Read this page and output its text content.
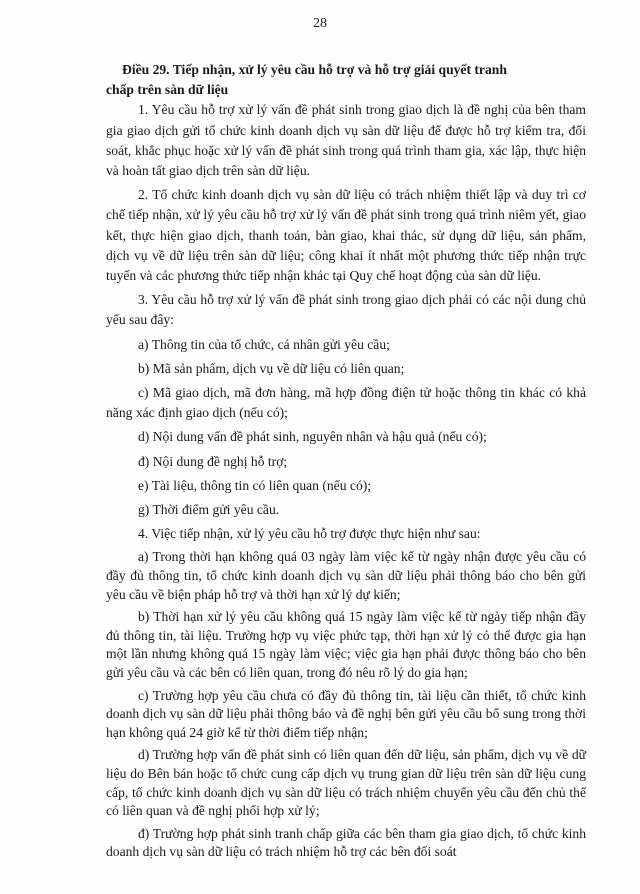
28
Điều 29. Tiếp nhận, xử lý yêu cầu hỗ trợ và hỗ trợ giải quyết tranh
chấp trên sàn dữ liệu

1. Yêu cầu hỗ trợ xử lý vấn đề phát sinh trong giao dịch là đề nghị của bên tham gia giao dịch gửi tổ chức kinh doanh dịch vụ sàn dữ liệu để được hỗ trợ kiểm tra, đối soát, khắc phục hoặc xử lý vấn đề phát sinh trong quá trình tham gia, xác lập, thực hiện và hoàn tất giao dịch trên sàn dữ liệu.

2. Tổ chức kinh doanh dịch vụ sàn dữ liệu có trách nhiệm thiết lập và duy trì cơ chế tiếp nhận, xử lý yêu cầu hỗ trợ xử lý vấn đề phát sinh trong quá trình niêm yết, giao kết, thực hiện giao dịch, thanh toán, bàn giao, khai thác, sử dụng dữ liệu, sản phẩm, dịch vụ về dữ liệu trên sàn dữ liệu; công khai ít nhất một phương thức tiếp nhận trực tuyến và các phương thức tiếp nhận khác tại Quy chế hoạt động của sàn dữ liệu.

3. Yêu cầu hỗ trợ xử lý vấn đề phát sinh trong giao dịch phải có các nội dung chủ yếu sau đây:

a) Thông tin của tổ chức, cá nhân gửi yêu cầu;

b) Mã sản phẩm, dịch vụ về dữ liệu có liên quan;

c) Mã giao dịch, mã đơn hàng, mã hợp đồng điện tử hoặc thông tin khác có khả năng xác định giao dịch (nếu có);

d) Nội dung vấn đề phát sinh, nguyên nhân và hậu quả (nếu có);

đ) Nội dung đề nghị hỗ trợ;

e) Tài liệu, thông tin có liên quan (nếu có);

g) Thời điểm gửi yêu cầu.

4. Việc tiếp nhận, xử lý yêu cầu hỗ trợ được thực hiện như sau:

a) Trong thời hạn không quá 03 ngày làm việc kể từ ngày nhận được yêu cầu có đầy đủ thông tin, tổ chức kinh doanh dịch vụ sàn dữ liệu phải thông báo cho bên gửi yêu cầu về biện pháp hỗ trợ và thời hạn xử lý dự kiến;

b) Thời hạn xử lý yêu cầu không quá 15 ngày làm việc kể từ ngày tiếp nhận đầy đủ thông tin, tài liệu. Trường hợp vụ việc phức tạp, thời hạn xử lý có thể được gia hạn một lần nhưng không quá 15 ngày làm việc; việc gia hạn phải được thông báo cho bên gửi yêu cầu và các bên có liên quan, trong đó nêu rõ lý do gia hạn;

c) Trường hợp yêu cầu chưa có đầy đủ thông tin, tài liệu cần thiết, tổ chức kinh doanh dịch vụ sàn dữ liệu phải thông báo và đề nghị bên gửi yêu cầu bổ sung trong thời hạn không quá 24 giờ kể từ thời điểm tiếp nhận;

d) Trường hợp vấn đề phát sinh có liên quan đến dữ liệu, sản phẩm, dịch vụ về dữ liệu do Bên bán hoặc tổ chức cung cấp dịch vụ trung gian dữ liệu trên sàn dữ liệu cung cấp, tổ chức kinh doanh dịch vụ sàn dữ liệu có trách nhiệm chuyển yêu cầu đến chủ thể có liên quan và đề nghị phối hợp xử lý;

đ) Trường hợp phát sinh tranh chấp giữa các bên tham gia giao dịch, tổ chức kinh doanh dịch vụ sàn dữ liệu có trách nhiệm hỗ trợ các bên đối soát
